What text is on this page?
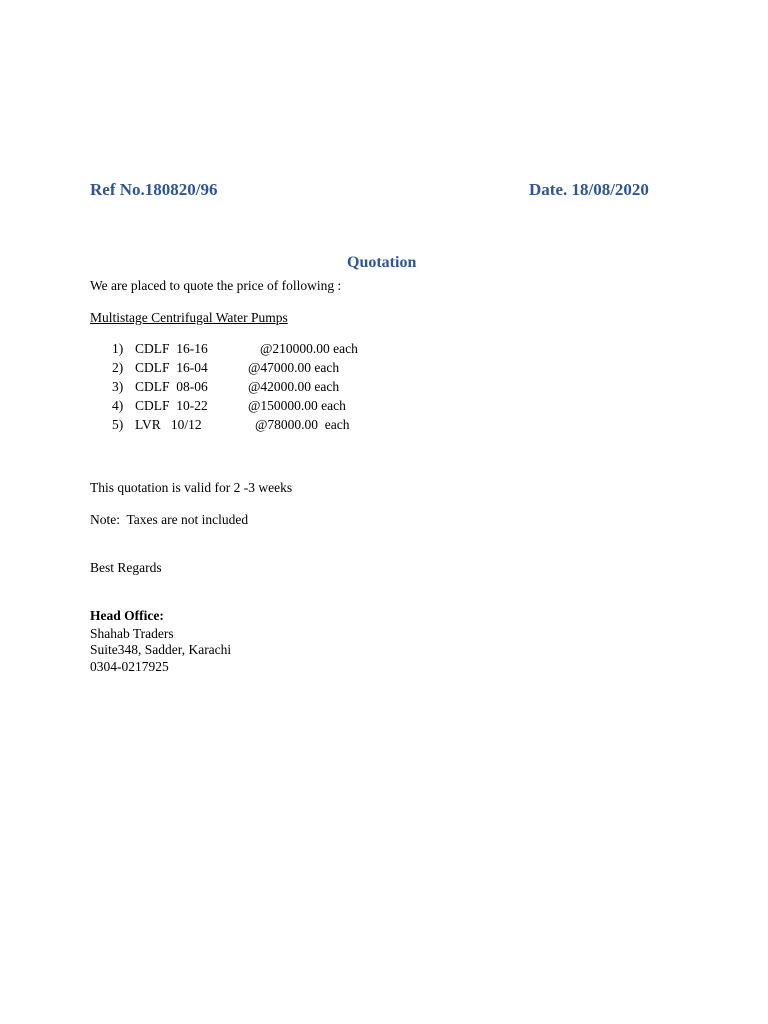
Ref No.180820/96	Date. 18/08/2020
Quotation
We are placed to quote the price of following :
Multistage Centrifugal Water Pumps
1) CDLF  16-16	@210000.00 each
2) CDLF  16-04	@47000.00 each
3) CDLF  08-06	@42000.00 each
4) CDLF  10-22	@150000.00 each
5) LVR   10/12	@78000.00  each
This quotation is valid for 2 -3 weeks
Note:  Taxes are not included
Best Regards
Head Office:
Shahab Traders
Suite348, Sadder, Karachi
0304-0217925
